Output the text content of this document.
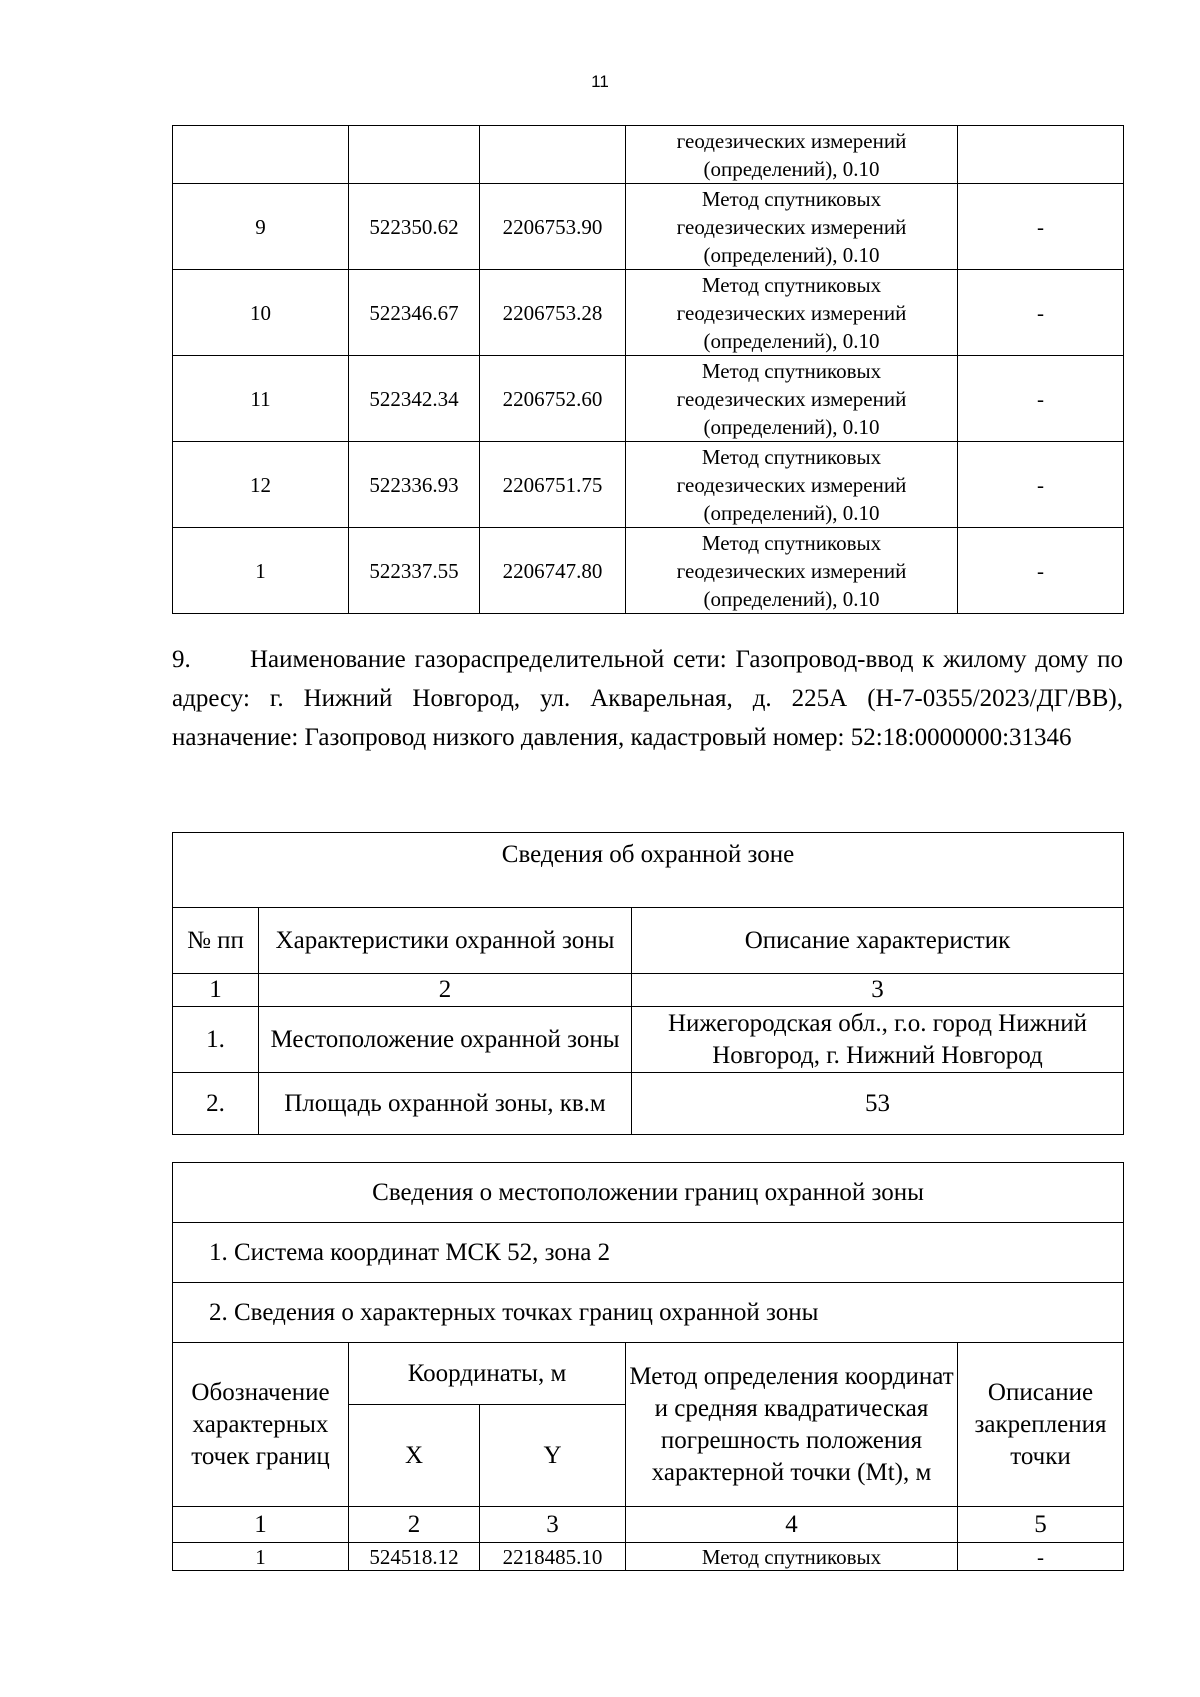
11

			геодезических измерений
(определений), 0.10	

9	522350.62	2206753.90	Метод спутниковых
геодезических измерений
(определений), 0.10	-
10	522346.67	2206753.28	Метод спутниковых
геодезических измерений
(определений), 0.10	-
11	522342.34	2206752.60	Метод спутниковых
геодезических измерений
(определений), 0.10	-
12	522336.93	2206751.75	Метод спутниковых
геодезических измерений
(определений), 0.10	-
1	522337.55	2206747.80	Метод спутниковых
геодезических измерений
(определений), 0.10	-
9. Наименование газораспределительной сети: Газопровод-ввод к жилому дому по адресу: г. Нижний Новгород, ул. Акварельная, д. 225А (Н-7-0355/2023/ДГ/ВВ), назначение: Газопровод низкого давления, кадастровый номер: 52:18:0000000:31346
Сведения об охранной зоне		
№ пп	Характеристики охранной зоны	Описание характеристик
1	2	3
1.	Местоположение охранной зоны	Нижегородская обл., г.о. город Нижний Новгород, г. Нижний Новгород
2.	Площадь охранной зоны, кв.м	53
Сведения о местоположении границ охранной зоны				
1. Система координат МСК 52, зона 2				
2. Сведения о характерных точках границ охранной зоны				
Обозначение характерных точек границ	Координаты, м		Метод определения координат и средняя квадратическая погрешность положения характерной точки (Mt), м	Описание закрепления точки
	X	Y		
1	2	3	4	5
1	524518.12	2218485.10	Метод спутниковых	-
